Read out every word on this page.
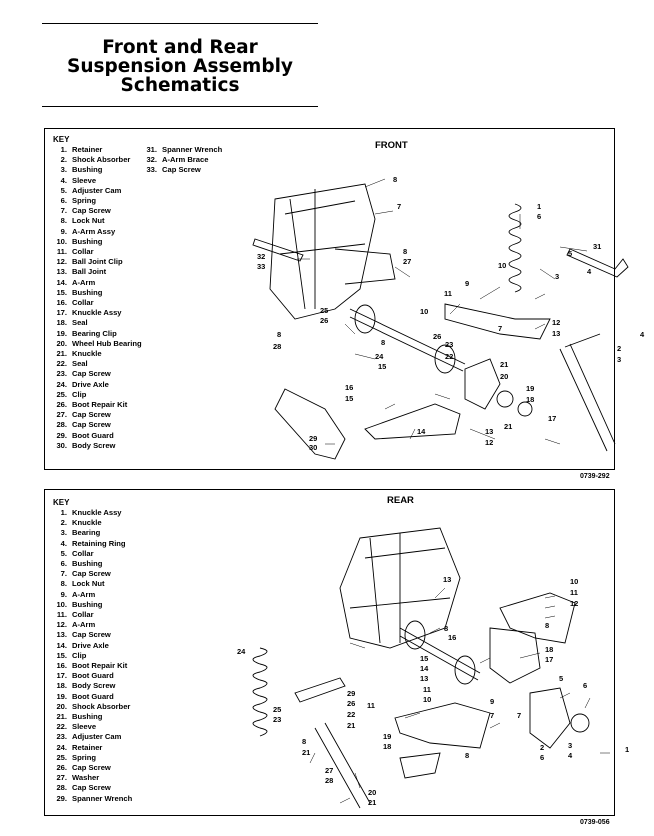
Front and Rear
Suspension Assembly
Schematics
KEY
1. Retainer
2. Shock Absorber
3. Bushing
4. Sleeve
5. Adjuster Cam
6. Spring
7. Cap Screw
8. Lock Nut
9. A-Arm Assy
10. Bushing
11. Collar
12. Ball Joint Clip
13. Ball Joint
14. A-Arm
15. Bushing
16. Collar
17. Knuckle Assy
18. Seal
19. Bearing Clip
20. Wheel Hub Bearing
21. Knuckle
22. Seal
23. Cap Screw
24. Drive Axle
25. Clip
26. Boot Repair Kit
27. Cap Screw
28. Cap Screw
29. Boot Guard
30. Body Screw
31. Spanner Wrench
32. A-Arm Brace
33. Cap Screw
FRONT
8
7	1
6
31
5
4
3
10
9
11
7
12
13	4
2
3
8
27
32
33
25
26
8
28
10
8
24
26
23
22
15	21
20
19
18
17
16
15
14
21
13
12
29
30
0739-292
KEY
1. Knuckle Assy
2. Knuckle
3. Bearing
4. Retaining Ring
5. Collar
6. Bushing
7. Cap Screw
8. Lock Nut
9. A-Arm
10. Bushing
11. Collar
12. A-Arm
13. Cap Screw
14. Drive Axle
15. Clip
16. Boot Repair Kit
17. Boot Guard
18. Body Screw
19. Boot Guard
20. Shock Absorber
21. Bushing
22. Sleeve
23. Adjuster Cam
24. Retainer
25. Spring
26. Cap Screw
27. Washer
28. Cap Screw
29. Spanner Wrench
REAR
13	10
11
12
8
16
8
18
17
15
14
13
11
10
24
29
26
22
21
25
23
8
21
11	9
7
19
18
8
5
6
7
2
6
3
4
1
27
28
20
21
0739-056
